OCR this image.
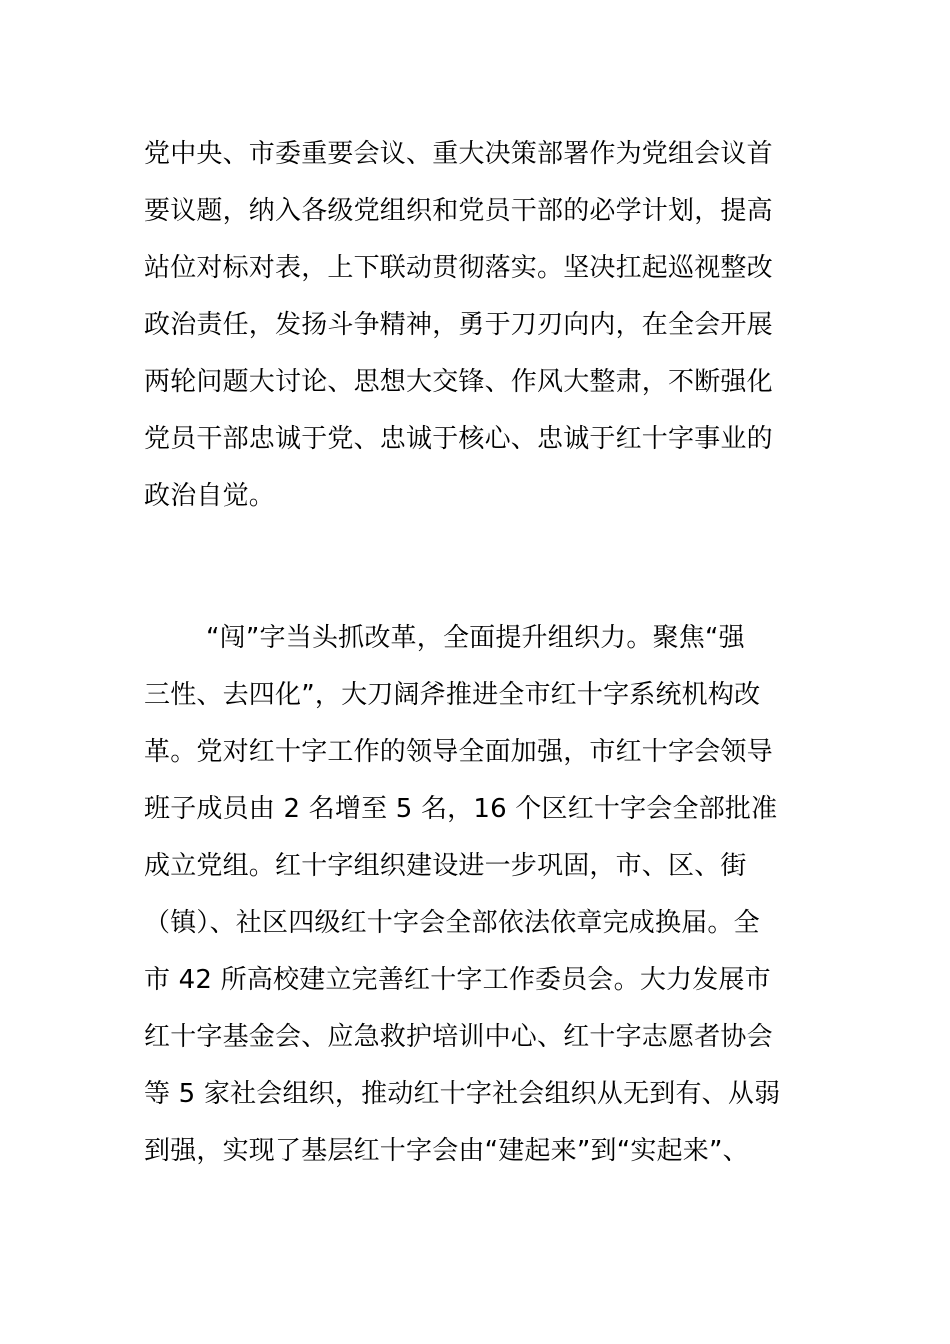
党中央、市委重要会议、重大决策部署作为党组会议首
要议题，纳入各级党组织和党员干部的必学计划，提高
站位对标对表，上下联动贯彻落实。坚决扛起巡视整改
政治责任，发扬斗争精神，勇于刀刃向内，在全会开展
两轮问题大讨论、思想大交锋、作风大整肃，不断强化
党员干部忠诚于党、忠诚于核心、忠诚于红十字事业的
政治自觉。
“闯”字当头抓改革，全面提升组织力。聚焦“强
三性、去四化”，大刀阔斧推进全市红十字系统机构改
革。党对红十字工作的领导全面加强，市红十字会领导
班子成员由 2 名增至 5 名，16 个区红十字会全部批准
成立党组。红十字组织建设进一步巩固，市、区、街
（镇）、社区四级红十字会全部依法依章完成换届。全
市 42 所高校建立完善红十字工作委员会。大力发展市
红十字基金会、应急救护培训中心、红十字志愿者协会
等 5 家社会组织，推动红十字社会组织从无到有、从弱
到强，实现了基层红十字会由“建起来”到“实起来”、
